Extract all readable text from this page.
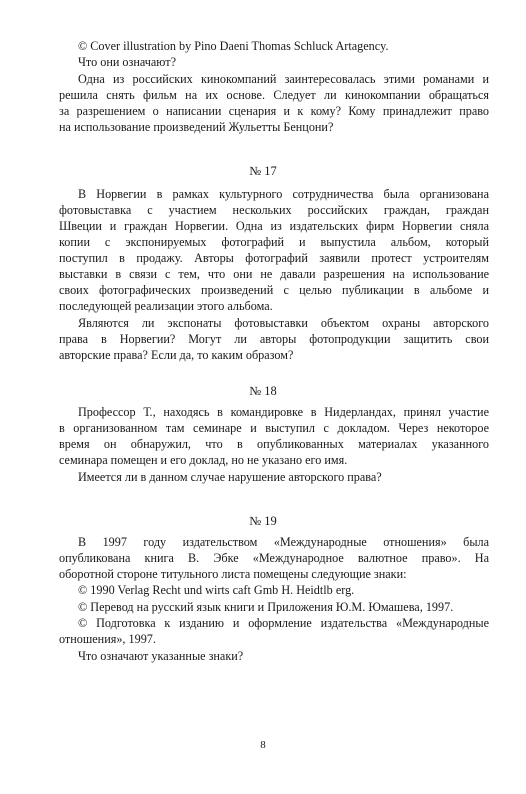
© Cover illustration by Pino Daeni Thomas Schluck Artagency.
Что они означают?
Одна из российских кинокомпаний заинтересовалась этими романами и
решила снять фильм на их основе. Следует ли кинокомпании обращаться
за разрешением о написании сценария и к кому? Кому принадлежит право
на использование произведений Жульетты Бенцони?
№ 17
В Норвегии в рамках культурного сотрудничества была организована
фотовыставка с участием нескольких российских граждан, граждан
Швеции и граждан Норвегии. Одна из издательских фирм Норвегии сняла
копии с экспонируемых фотографий и выпустила альбом, который
поступил в продажу. Авторы фотографий заявили протест устроителям
выставки в связи с тем, что они не давали разрешения на использование
своих фотографических произведений с целью публикации в альбоме и
последующей реализации этого альбома.
Являются ли экспонаты фотовыставки объектом охраны авторского
права в Норвегии? Могут ли авторы фотопродукции защитить свои
авторские права? Если да, то каким образом?
№ 18
Профессор Т., находясь в командировке в Нидерландах, принял участие
в организованном там семинаре и выступил с докладом. Через некоторое
время он обнаружил, что в опубликованных материалах указанного
семинара помещен и его доклад, но не указано его имя.
Имеется ли в данном случае нарушение авторского права?
№ 19
В 1997 году издательством «Международные отношения» была
опубликована книга В. Эбке «Международное валютное право». На
оборотной стороне титульного листа помещены следующие знаки:
© 1990 Verlag Recht und wirts caft Gmb H. Heidtlb erg.
© Перевод на русский язык книги и Приложения Ю.М. Юмашева, 1997.
© Подготовка к изданию и оформление издательства «Международные
отношения», 1997.
Что означают указанные знаки?
8
